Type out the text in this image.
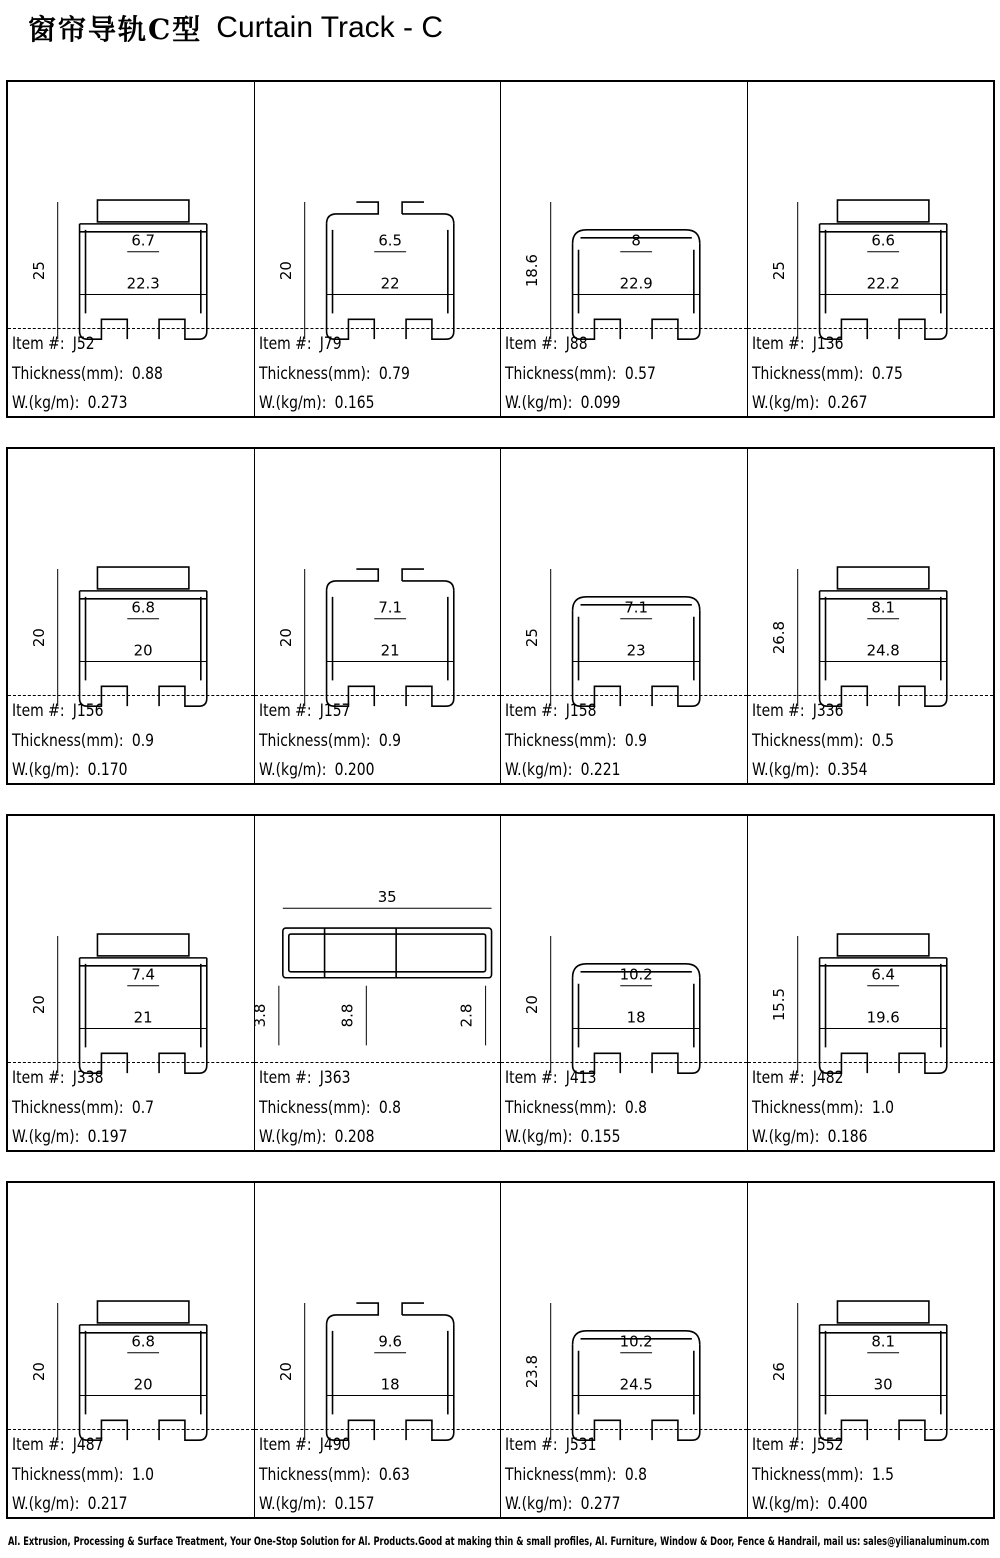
窗帘导轨C型 Curtain Track - C
25
22.3
6.7
Item #: J52
Thickness(mm): 0.88
W.(kg/m): 0.273
20
22
6.5
Item #: J79
Thickness(mm): 0.79
W.(kg/m): 0.165
18.6	22.9
8
Item #: J88
Thickness(mm): 0.57
W.(kg/m): 0.099
25
22.2
6.6
Item #: J136
Thickness(mm): 0.75
W.(kg/m): 0.267
20
20
6.8
Item #: J156
Thickness(mm): 0.9
W.(kg/m): 0.170
20
21
7.1
Item #: J157
Thickness(mm): 0.9
W.(kg/m): 0.200
25
23
7.1
Item #: J158
Thickness(mm): 0.9
W.(kg/m): 0.221
26.8	24.8
8.1
Item #: J336
Thickness(mm): 0.5
W.(kg/m): 0.354
20
21
7.4
Item #: J338
Thickness(mm): 0.7
W.(kg/m): 0.197
35
3.8	8.8	2.8
Item #: J363
Thickness(mm): 0.8
W.(kg/m): 0.208
20
18
10.2
Item #: J413
Thickness(mm): 0.8
W.(kg/m): 0.155
15.5	19.6
6.4
Item #: J482
Thickness(mm): 1.0
W.(kg/m): 0.186
20
20
6.8
Item #: J487
Thickness(mm): 1.0
W.(kg/m): 0.217
20
18
9.6
Item #: J490
Thickness(mm): 0.63
W.(kg/m): 0.157
23.8	24.5
10.2
Item #: J531
Thickness(mm): 0.8
W.(kg/m): 0.277
26
30
8.1
Item #: J552
Thickness(mm): 1.5
W.(kg/m): 0.400
Al. Extrusion, Processing & Surface Treatment, Your One-Stop Solution for Al. Products.Good at making thin & small profiles, Al. Furniture, Window & Door, Fence & Handrail, mail us: sales@yilianaluminum.com
